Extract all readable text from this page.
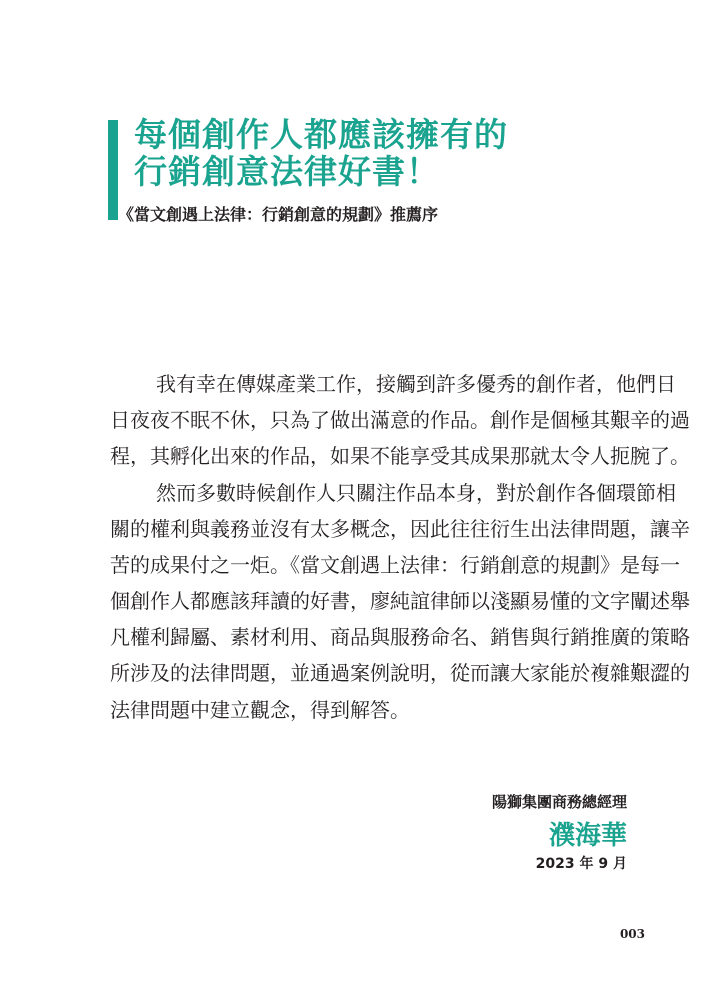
每個創作人都應該擁有的
行銷創意法律好書！
《當文創遇上法律：行銷創意的規劃》推薦序
我有幸在傳媒產業工作，接觸到許多優秀的創作者，他們日
日夜夜不眠不休，只為了做出滿意的作品。創作是個極其艱辛的過
程，其孵化出來的作品，如果不能享受其成果那就太令人扼腕了。
然而多數時候創作人只關注作品本身，對於創作各個環節相
關的權利與義務並沒有太多概念，因此往往衍生出法律問題，讓辛
苦的成果付之一炬。《當文創遇上法律：行銷創意的規劃》是每一
個創作人都應該拜讀的好書，廖純誼律師以淺顯易懂的文字闡述舉
凡權利歸屬、素材利用、商品與服務命名、銷售與行銷推廣的策略
所涉及的法律問題，並通過案例說明，從而讓大家能於複雜艱澀的
法律問題中建立觀念，得到解答。
陽獅集團商務總經理
濮海華
2023 年 9 月
003
